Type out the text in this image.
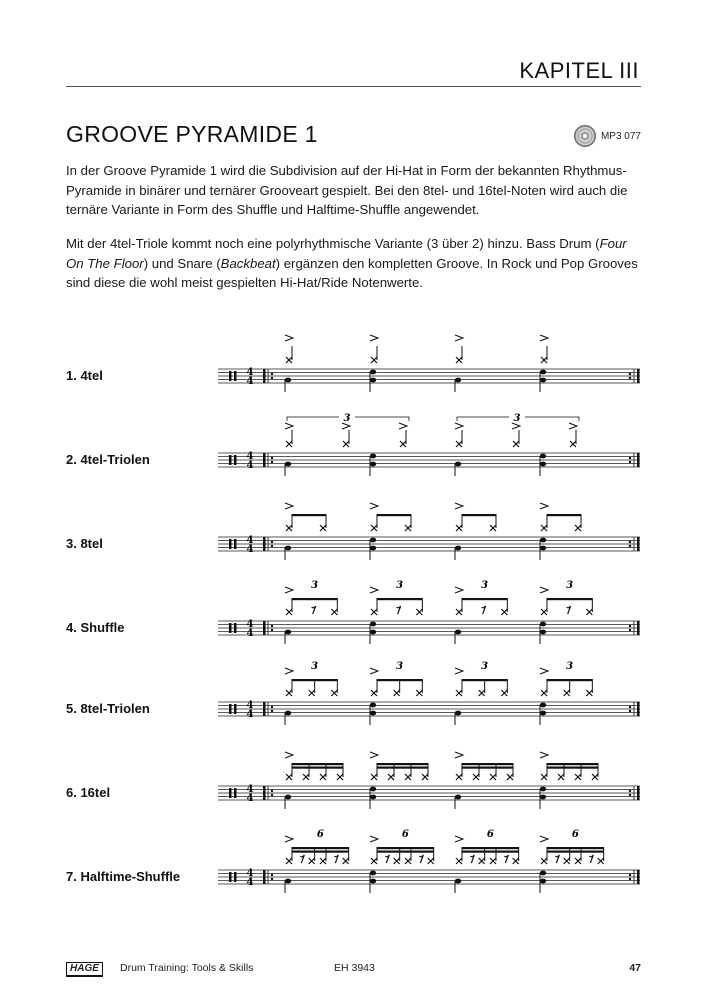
KAPITEL III
GROOVE PYRAMIDE 1	MP3 077

In der Groove Pyramide 1 wird die Subdivision auf der Hi-Hat in Form der bekannten Rhythmus-Pyramide in binärer und ternärer Grooveart gespielt. Bei den 8tel- und 16tel-Noten wird auch die ternäre Variante in Form des Shuffle und Halftime-Shuffle angewendet.

Mit der 4tel-Triole kommt noch eine polyrhythmische Variante (3 über 2) hinzu. Bass Drum (Four On The Floor) und Snare (Backbeat) ergänzen den kompletten Groove. In Rock und Pop Grooves sind diese die wohl meist gespielten Hi-Hat/Ride Notenwerte.

1. 4tel
2. 4tel-Triolen
3. 8tel
4. Shuffle
5. 8tel-Triolen
6. 16tel
7. Halftime-Shuffle
4
4
4
4
3	3
4
4
4
4
3	3	3	3
4
4
3	3	3	3
4
4
4
4
6	6	6	6
HAGE	Drum Training: Tools & Skills	EH 3943	47
